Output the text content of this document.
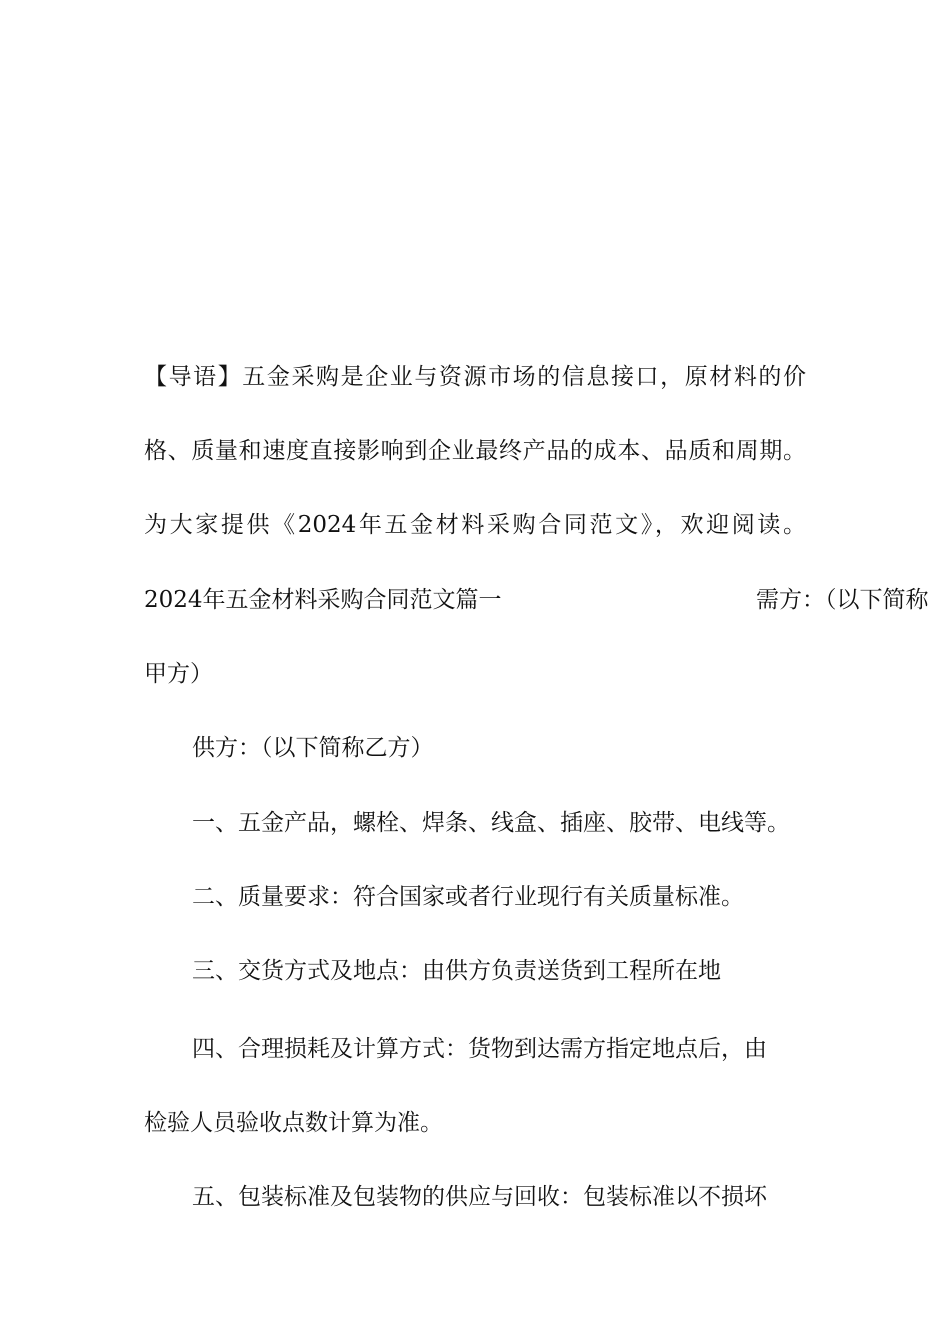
【导语】五金采购是企业与资源市场的信息接口，原材料的价
格、质量和速度直接影响到企业最终产品的成本、品质和周期。
为大家提供《2024年五金材料采购合同范文》，欢迎阅读。
2024年五金材料采购合同范文篇一	需方：（以下简称
甲方）
供方：（以下简称乙方）
一、五金产品，螺栓、焊条、线盒、插座、胶带、电线等。
二、质量要求：符合国家或者行业现行有关质量标准。
三、交货方式及地点：由供方负责送货到工程所在地
四、合理损耗及计算方式：货物到达需方指定地点后，由
检验人员验收点数计算为准。
五、包装标准及包装物的供应与回收：包装标准以不损坏
